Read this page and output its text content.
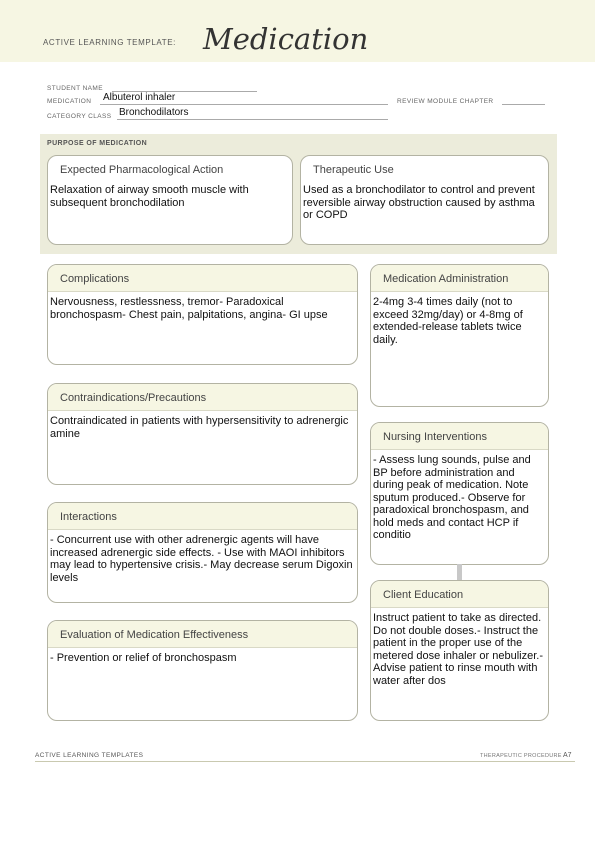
ACTIVE LEARNING TEMPLATE: Medication
STUDENT NAME
MEDICATION Albuterol inhaler	REVIEW MODULE CHAPTER
CATEGORY CLASS Bronchodilators
PURPOSE OF MEDICATION
Expected Pharmacological Action
Relaxation of airway smooth muscle with subsequent bronchodilation
Therapeutic Use
Used as a bronchodilator to control and prevent reversible airway obstruction caused by asthma or COPD
Complications
Nervousness, restlessness, tremor- Paradoxical bronchospasm- Chest pain, palpitations, angina- GI upse
Contraindications/Precautions
Contraindicated in patients with hypersensitivity to adrenergic amine
Interactions
- Concurrent use with other adrenergic agents will have increased adrenergic side effects. - Use with MAOI inhibitors may lead to hypertensive crisis.- May decrease serum Digoxin levels
Evaluation of Medication Effectiveness
- Prevention or relief of bronchospasm
Medication Administration
2-4mg 3-4 times daily (not to exceed 32mg/day) or 4-8mg of extended-release tablets twice daily.
Nursing Interventions
- Assess lung sounds, pulse and BP before administration and during peak of medication. Note sputum produced.- Observe for paradoxical bronchospasm, and hold meds and contact HCP if conditio
Client Education
Instruct patient to take as directed. Do not double doses.- Instruct the patient in the proper use of the metered dose inhaler or nebulizer.- Advise patient to rinse mouth with water after dos
ACTIVE LEARNING TEMPLATES	THERAPEUTIC PROCEDURE A7
